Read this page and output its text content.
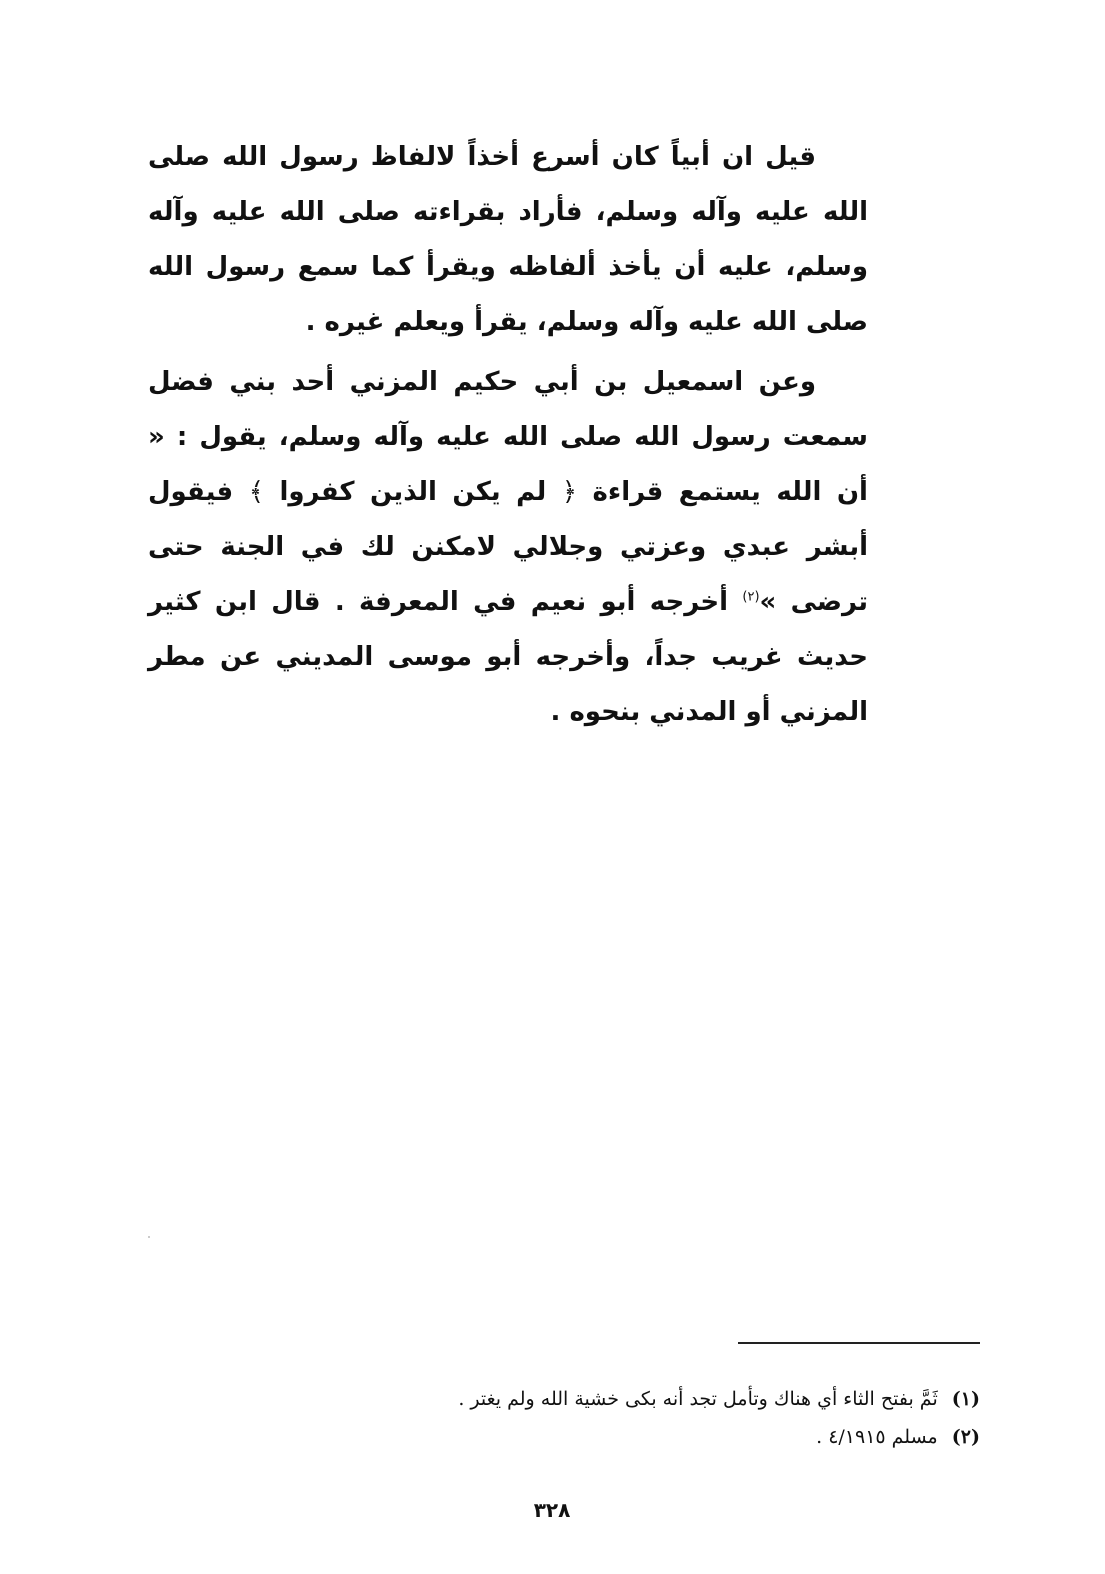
قيل ان أبياً كان أسرع أخذاً لالفاظ رسول الله صلى الله عليه وآله وسلم، فأراد بقراءته صلى الله عليه وآله وسلم، عليه أن يأخذ ألفاظه ويقرأ كما سمع رسول الله صلى الله عليه وآله وسلم، يقرأ ويعلم غيره .

وعن اسمعيل بن أبي حكيم المزني أحد بني فضل سمعت رسول الله صلى الله عليه وآله وسلم، يقول : « أن الله يستمع قراءة ﴿ لم يكن الذين كفروا ﴾ فيقول أبشر عبدي وعزتي وجلالي لامكنن لك في الجنة حتى ترضى »$^{(٢)}$ أخرجه أبو نعيم في المعرفة . قال ابن كثير حديث غريب جداً، وأخرجه أبو موسى المديني عن مطر المزني أو المدني بنحوه .

(١) ثَمَّ بفتح الثاء أي هناك وتأمل تجد أنه بكى خشية الله ولم يغتر .
(٢) مسلم ٤/١٩١٥ .
٣٢٨
